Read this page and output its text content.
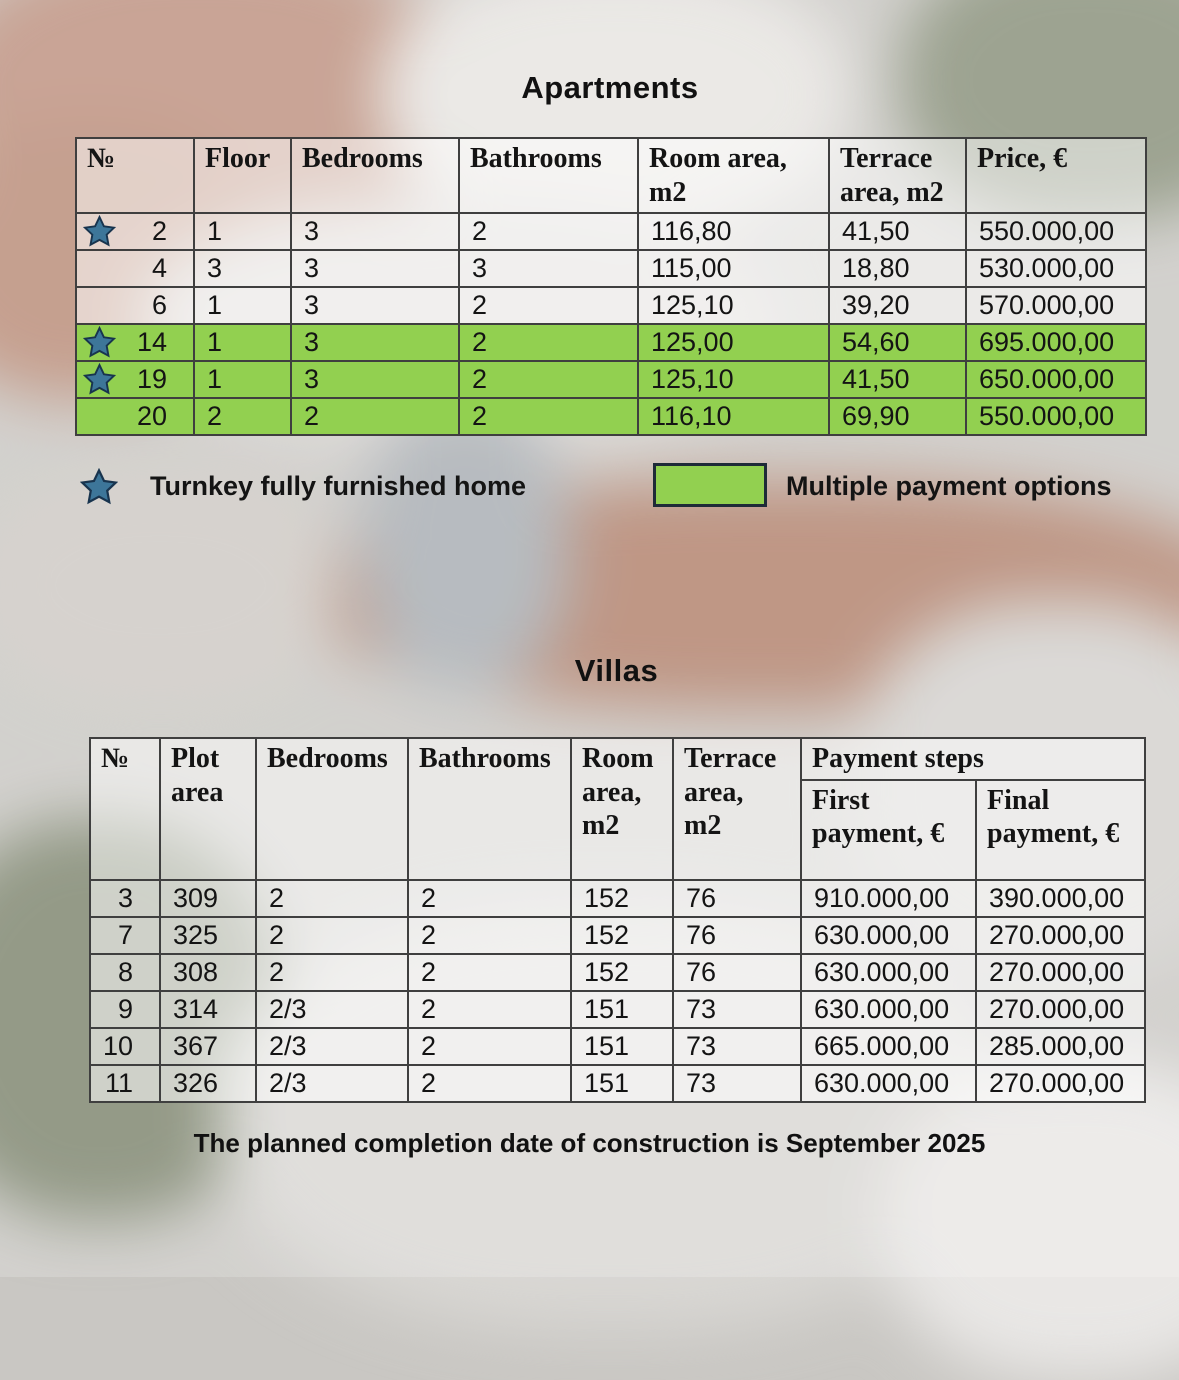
Apartments
№	Floor	Bedrooms	Bathrooms	Room area, m2	Terrace area, m2	Price, €

2	1	3	2	116,80	41,50	550.000,00

4	3	3	3	115,00	18,80	530.000,00

6	1	3	2	125,10	39,20	570.000,00

14	1	3	2	125,00	54,60	695.000,00

19	1	3	2	125,10	41,50	650.000,00

20	2	2	2	116,10	69,90	550.000,00
Turnkey fully furnished home	Multiple payment options
Villas
№	Plot area	Bedrooms	Bathrooms	Room area, m2	Terrace area, m2	Payment steps	
						First payment, €	Final payment, €

3	309	2	2	152	76	910.000,00	390.000,00

7	325	2	2	152	76	630.000,00	270.000,00

8	308	2	2	152	76	630.000,00	270.000,00

9	314	2/3	2	151	73	630.000,00	270.000,00

10	367	2/3	2	151	73	665.000,00	285.000,00

11	326	2/3	2	151	73	630.000,00	270.000,00
The planned completion date of construction is September 2025
